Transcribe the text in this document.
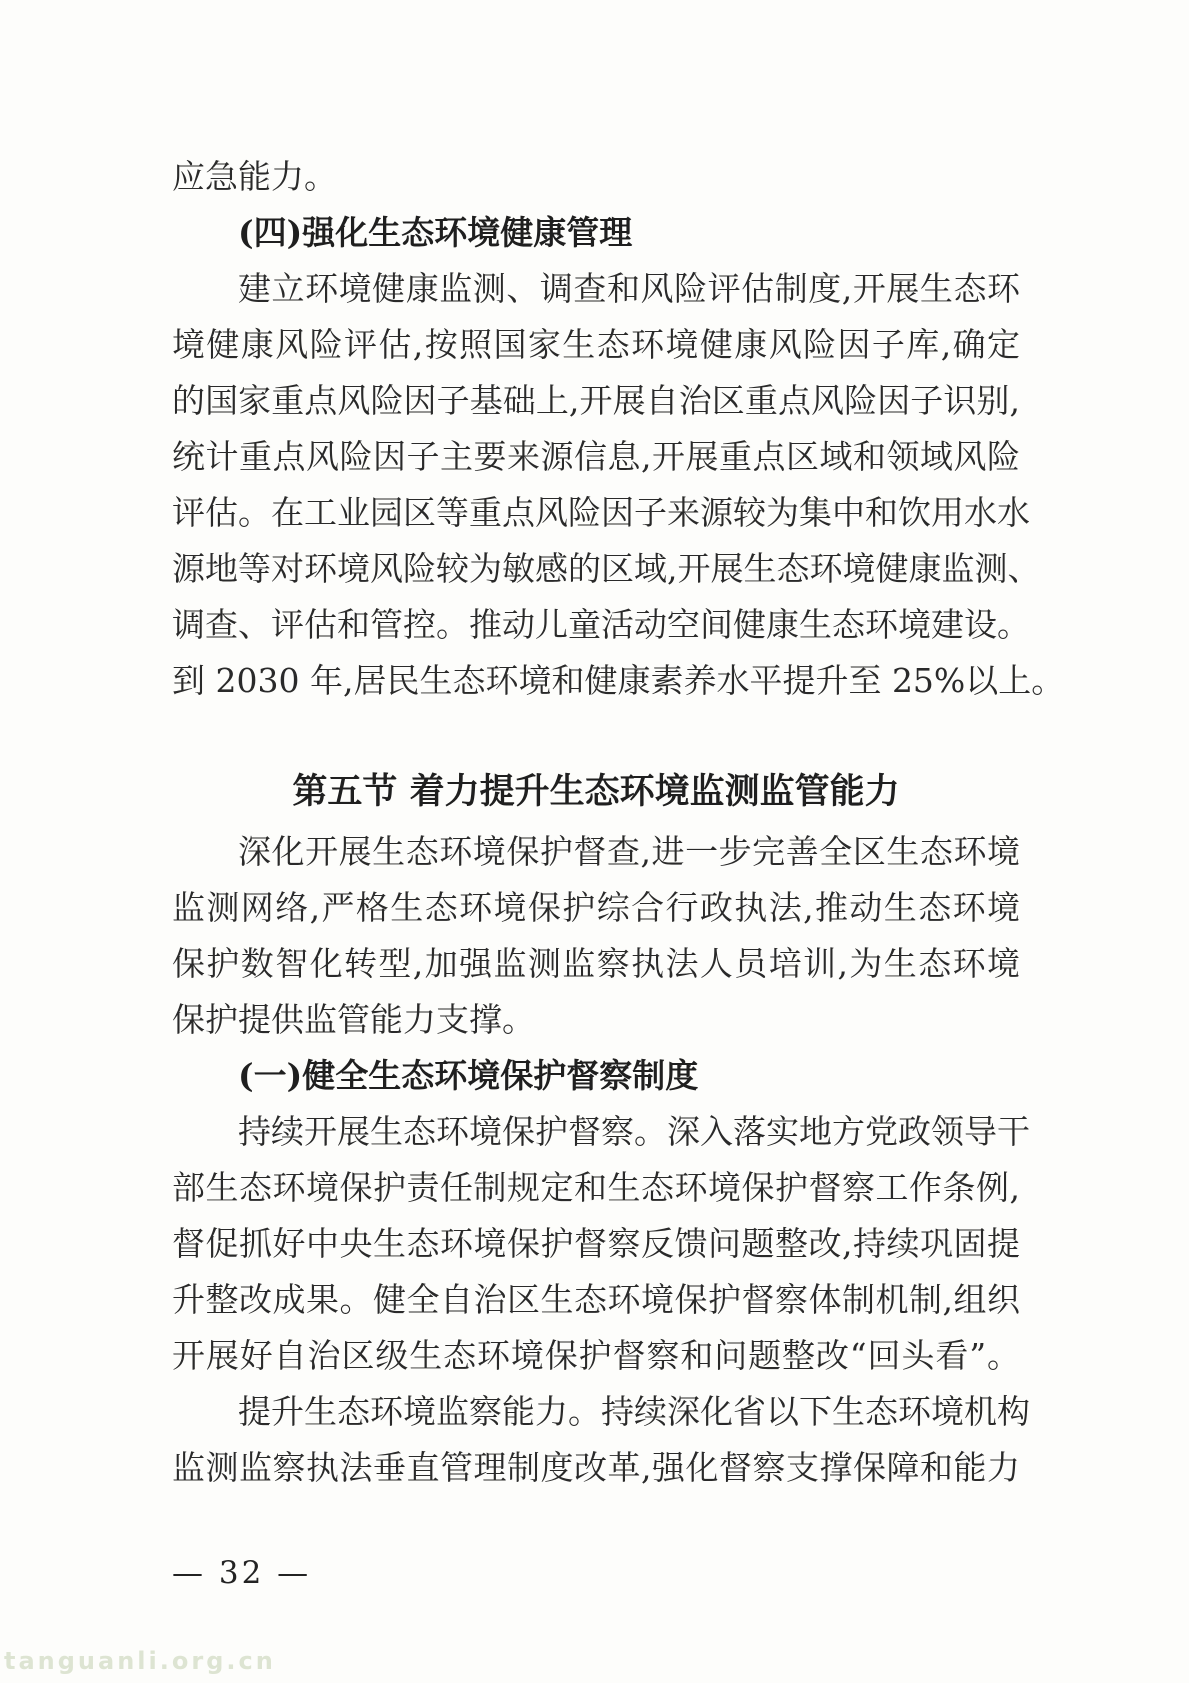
应急能力。
(四)强化生态环境健康管理
建立环境健康监测、调查和风险评估制度,开展生态环
境健康风险评估,按照国家生态环境健康风险因子库,确定
的国家重点风险因子基础上,开展自治区重点风险因子识别,
统计重点风险因子主要来源信息,开展重点区域和领域风险
评估。在工业园区等重点风险因子来源较为集中和饮用水水
源地等对环境风险较为敏感的区域,开展生态环境健康监测、
调查、评估和管控。推动儿童活动空间健康生态环境建设。
到 2030 年,居民生态环境和健康素养水平提升至 25%以上。
第五节 着力提升生态环境监测监管能力
深化开展生态环境保护督查,进一步完善全区生态环境
监测网络,严格生态环境保护综合行政执法,推动生态环境
保护数智化转型,加强监测监察执法人员培训,为生态环境
保护提供监管能力支撑。
(一)健全生态环境保护督察制度
持续开展生态环境保护督察。深入落实地方党政领导干
部生态环境保护责任制规定和生态环境保护督察工作条例,
督促抓好中央生态环境保护督察反馈问题整改,持续巩固提
升整改成果。健全自治区生态环境保护督察体制机制,组织
开展好自治区级生态环境保护督察和问题整改“回头看”。
提升生态环境监察能力。持续深化省以下生态环境机构
监测监察执法垂直管理制度改革,强化督察支撑保障和能力
— 32 —
tanguanli.org.cn
